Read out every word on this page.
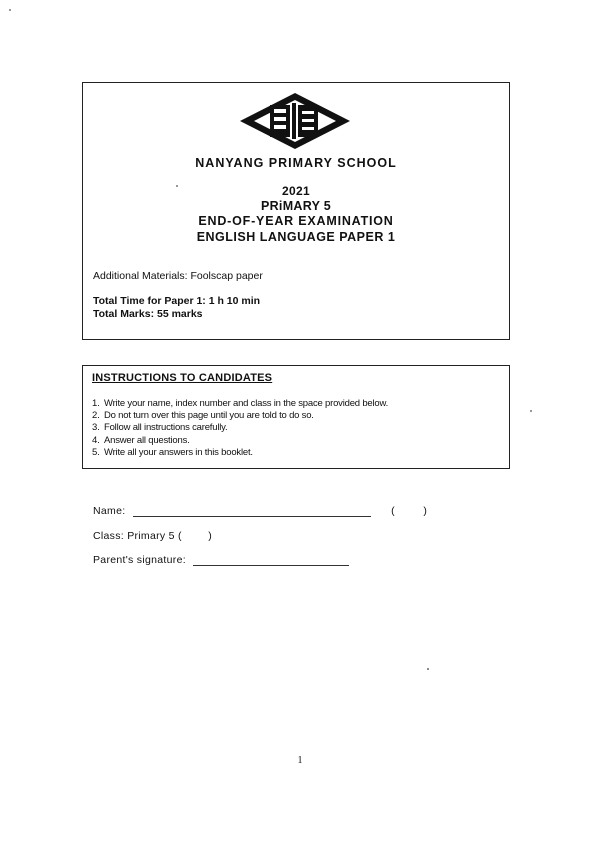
NANYANG PRIMARY SCHOOL
2021
PRiMARY 5
END-OF-YEAR EXAMINATION
ENGLISH LANGUAGE PAPER 1
Additional Materials: Foolscap paper
Total Time for Paper 1: 1 h 10 min
Total Marks: 55 marks
INSTRUCTIONS TO CANDIDATES
1. Write your name, index number and class in the space provided below.
2. Do not turn over this page until you are told to do so.
3. Follow all instructions carefully.
4. Answer all questions.
5. Write all your answers in this booklet.
Name:	(	)
Class: Primary 5 (	)
Parent's signature:
1
